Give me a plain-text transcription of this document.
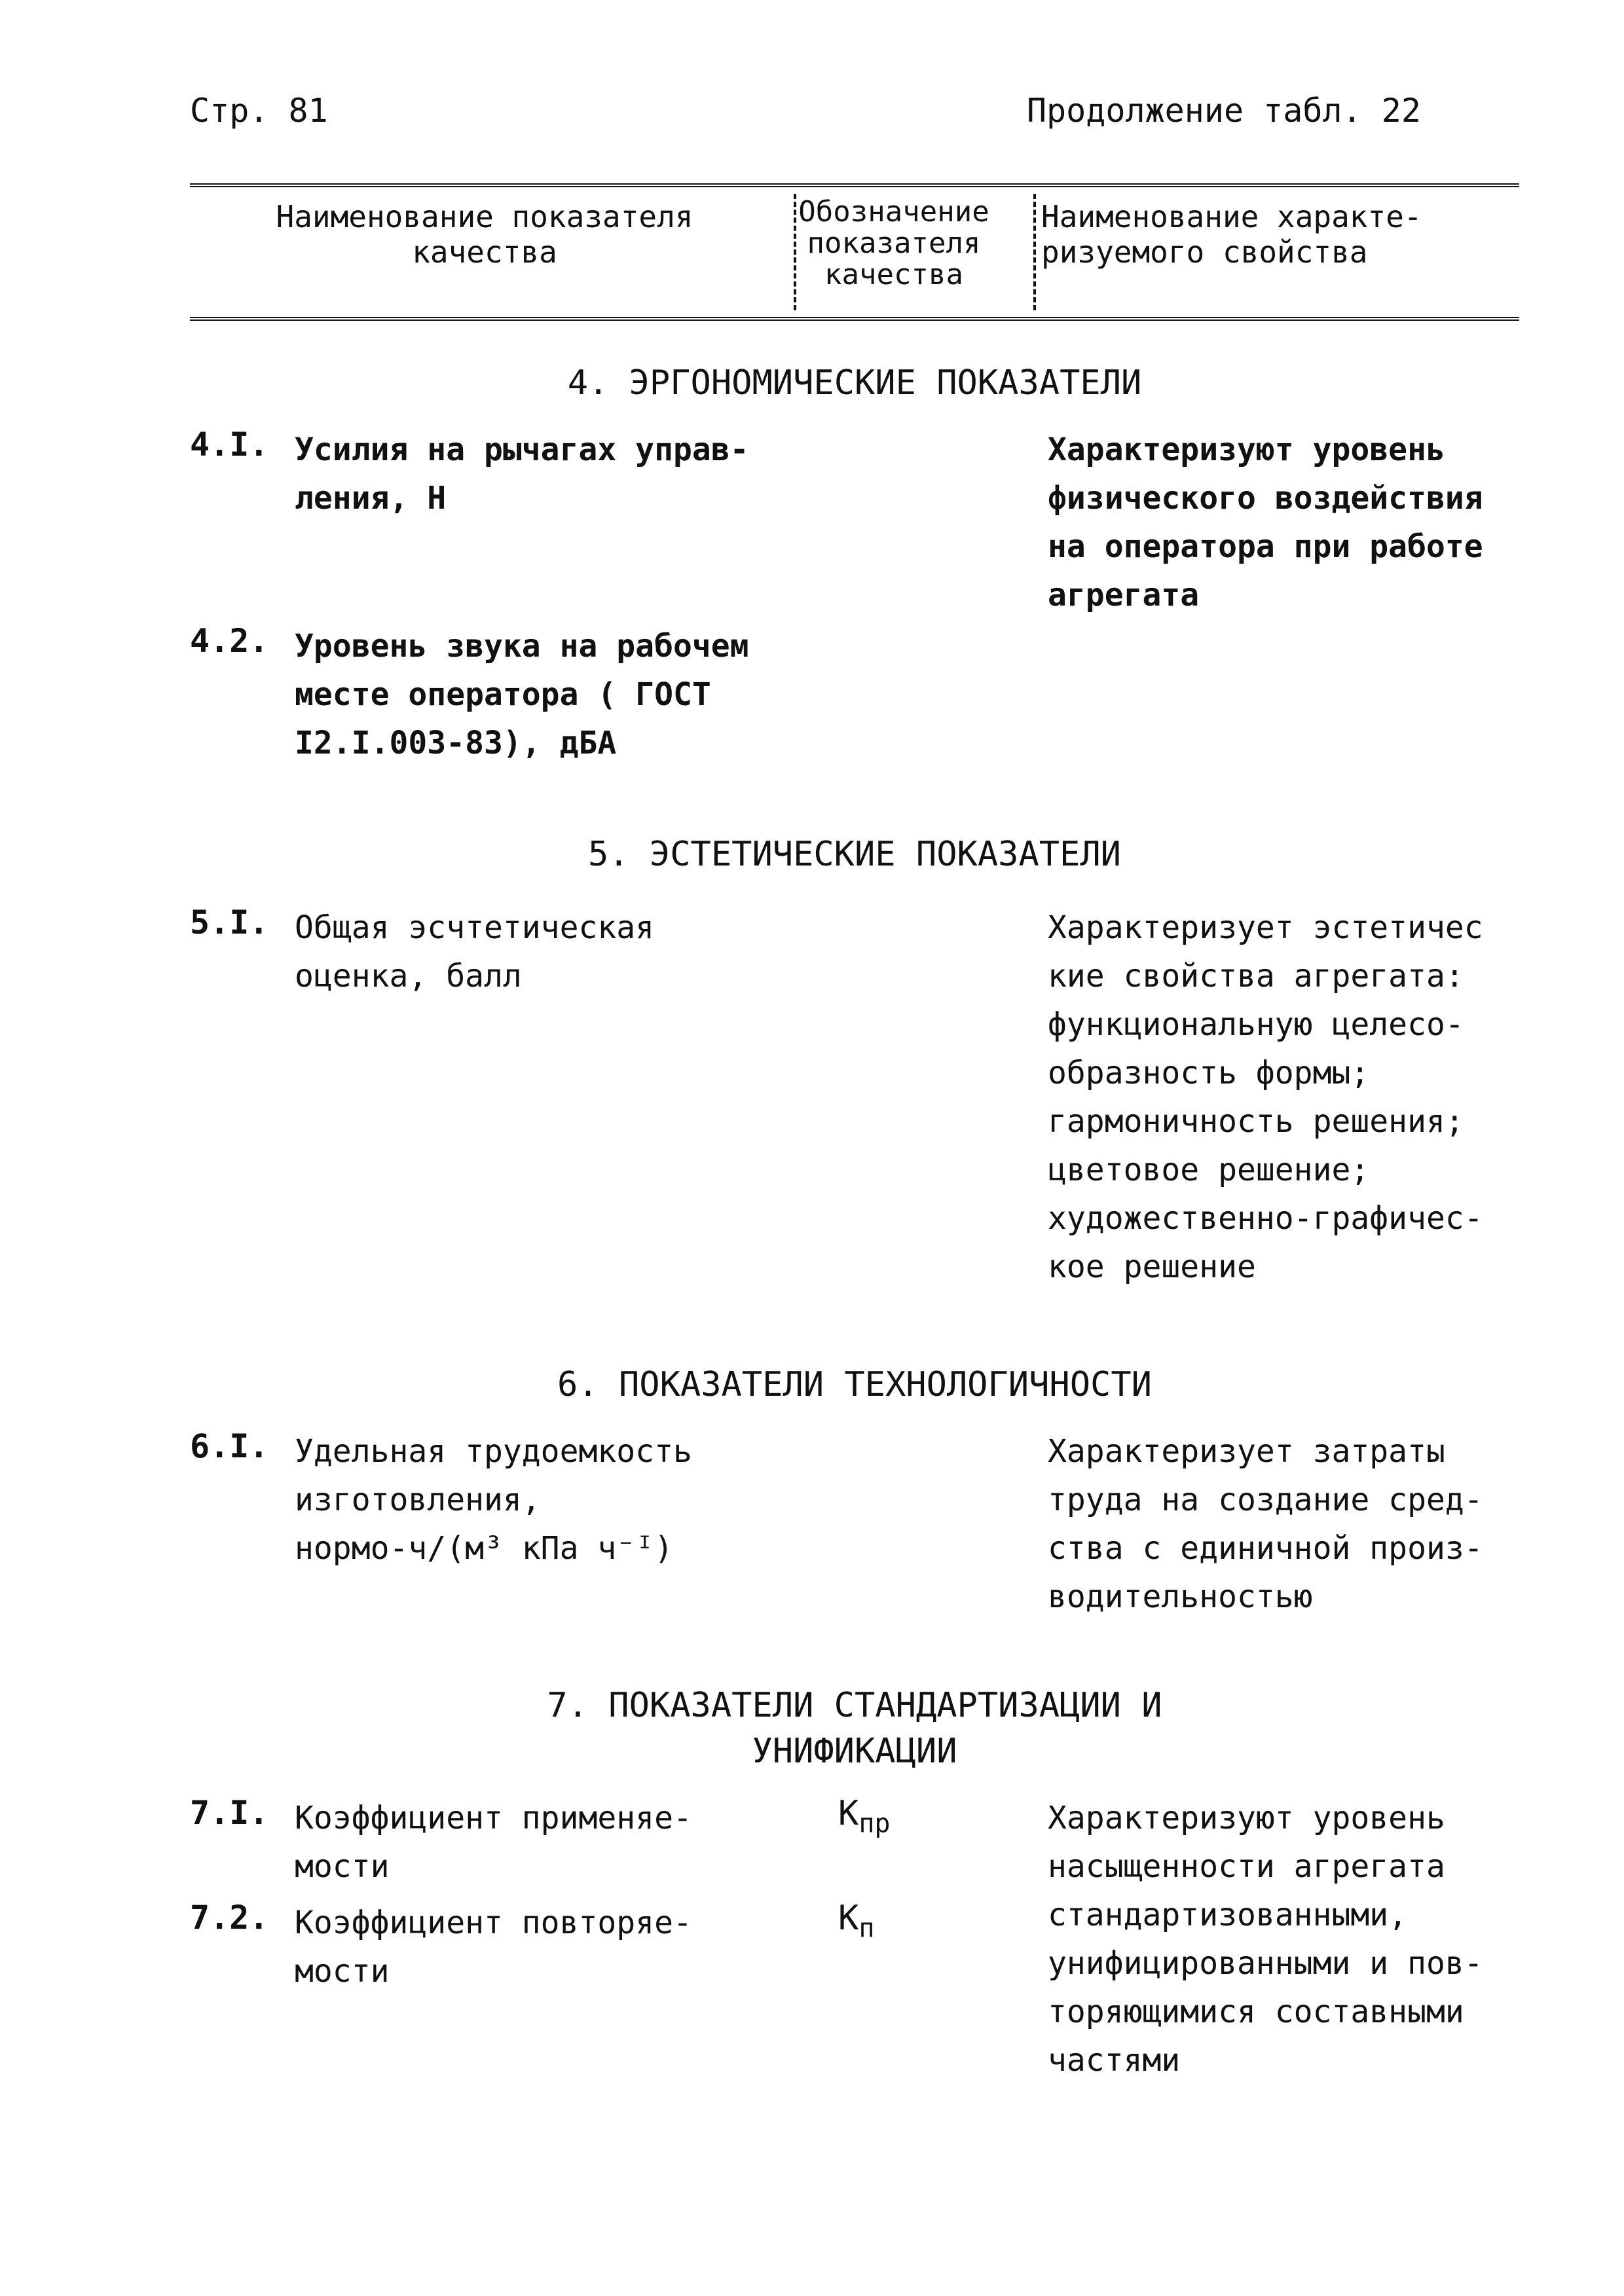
Стр. 81	Продолжение табл. 22
Наименование показателя
качества
Обозначение
показателя
качества
Наименование характе-
ризуемого свойства
4. ЭРГОНОМИЧЕСКИЕ ПОКАЗАТЕЛИ
4.I. Усилия на рычагах управ-
ления, Н
Характеризуют уровень
физического воздействия
на оператора при работе
агрегата
4.2. Уровень звука на рабочем
месте оператора ( ГОСТ
I2.I.003-83), дБА
5. ЭСТЕТИЧЕСКИЕ ПОКАЗАТЕЛИ
5.I. Общая эсчтетическая
оценка, балл
Характеризует эстетичес
кие свойства агрегата:
функциональную целесо-
образность формы;
гармоничность решения;
цветовое решение;
художественно-графичес-
кое решение
6. ПОКАЗАТЕЛИ ТЕХНОЛОГИЧНОСТИ
6.I. Удельная трудоемкость
изготовления,
нормо-ч/(м³ кПа ч⁻ᴵ)
Характеризует затраты
труда на создание сред-
ства с единичной произ-
водительностью
7. ПОКАЗАТЕЛИ СТАНДАРТИЗАЦИИ И
УНИФИКАЦИИ
7.I. Коэффициент применяе-
мости
$К_{пр}$
7.2. Коэффициент повторяе-
мости
$К_п$
Характеризуют уровень
насыщенности агрегата
стандартизованными,
унифицированными и пов-
торяющимися составными
частями
